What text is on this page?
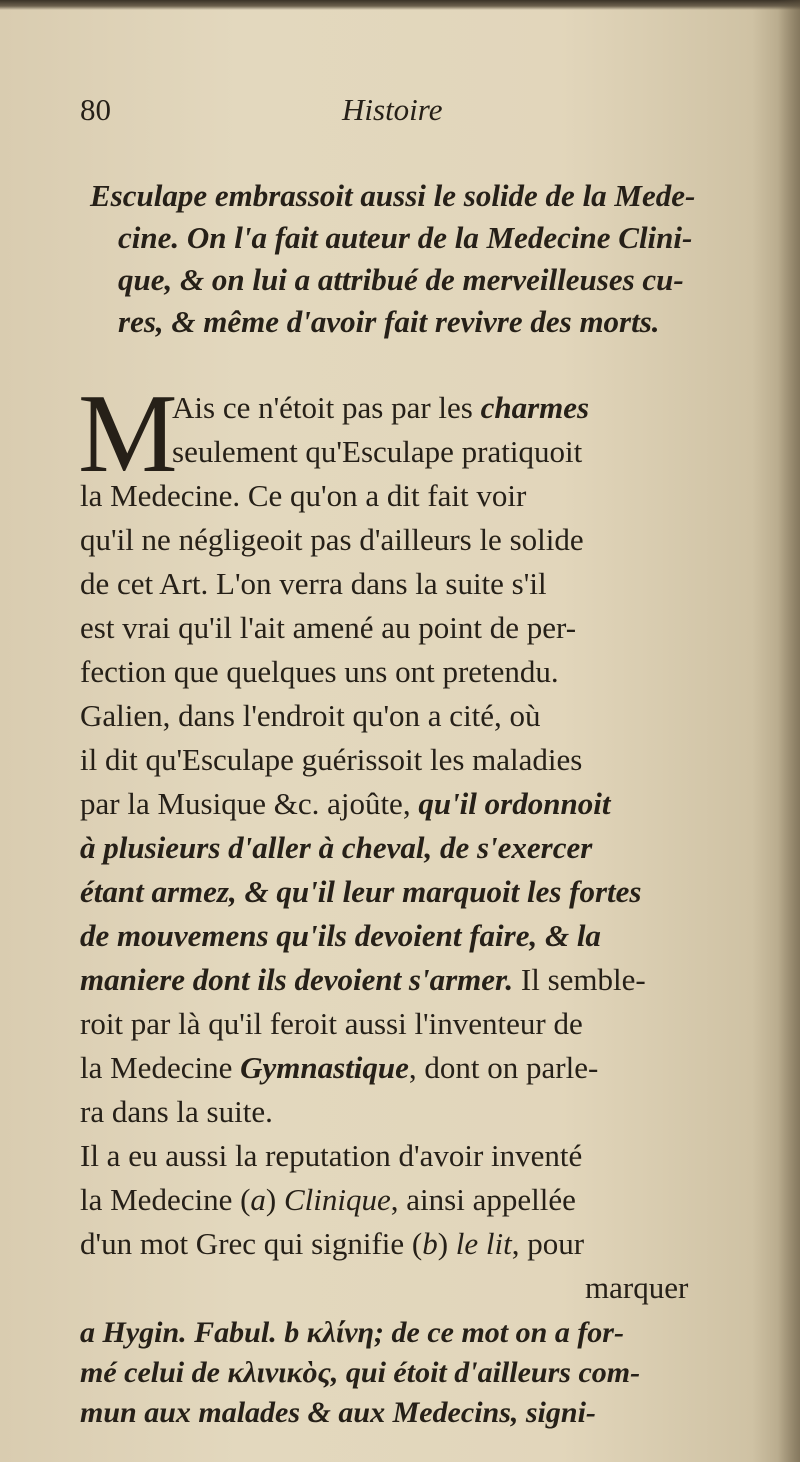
80	Histoire
Esculape embrassoit aussi le solide de la Mede-
cine. On l'a fait auteur de la Medecine Clini-
que, & on lui a attribué de merveilleuses cu-
res, & même d'avoir fait revivre des morts.
M
Ais ce n'étoit pas par les charmes
seulement qu'Esculape pratiquoit
la Medecine. Ce qu'on a dit fait voir
qu'il ne négligeoit pas d'ailleurs le solide
de cet Art. L'on verra dans la suite s'il
est vrai qu'il l'ait amené au point de per-
fection que quelques uns ont pretendu.
Galien, dans l'endroit qu'on a cité, où
il dit qu'Esculape guérissoit les maladies
par la Musique &c. ajoûte, qu'il ordonnoit
à plusieurs d'aller à cheval, de s'exercer
étant armez, & qu'il leur marquoit les fortes
de mouvemens qu'ils devoient faire, & la
maniere dont ils devoient s'armer. Il semble-
roit par là qu'il feroit aussi l'inventeur de
la Medecine Gymnastique, dont on parle-
ra dans la suite.
Il a eu aussi la reputation d'avoir inventé
la Medecine (a) Clinique, ainsi appellée
d'un mot Grec qui signifie (b) le lit, pour
marquer
a Hygin. Fabul. b κλίνη; de ce mot on a for-
mé celui de κλινικὸς, qui étoit d'ailleurs com-
mun aux malades & aux Medecins, signi-
